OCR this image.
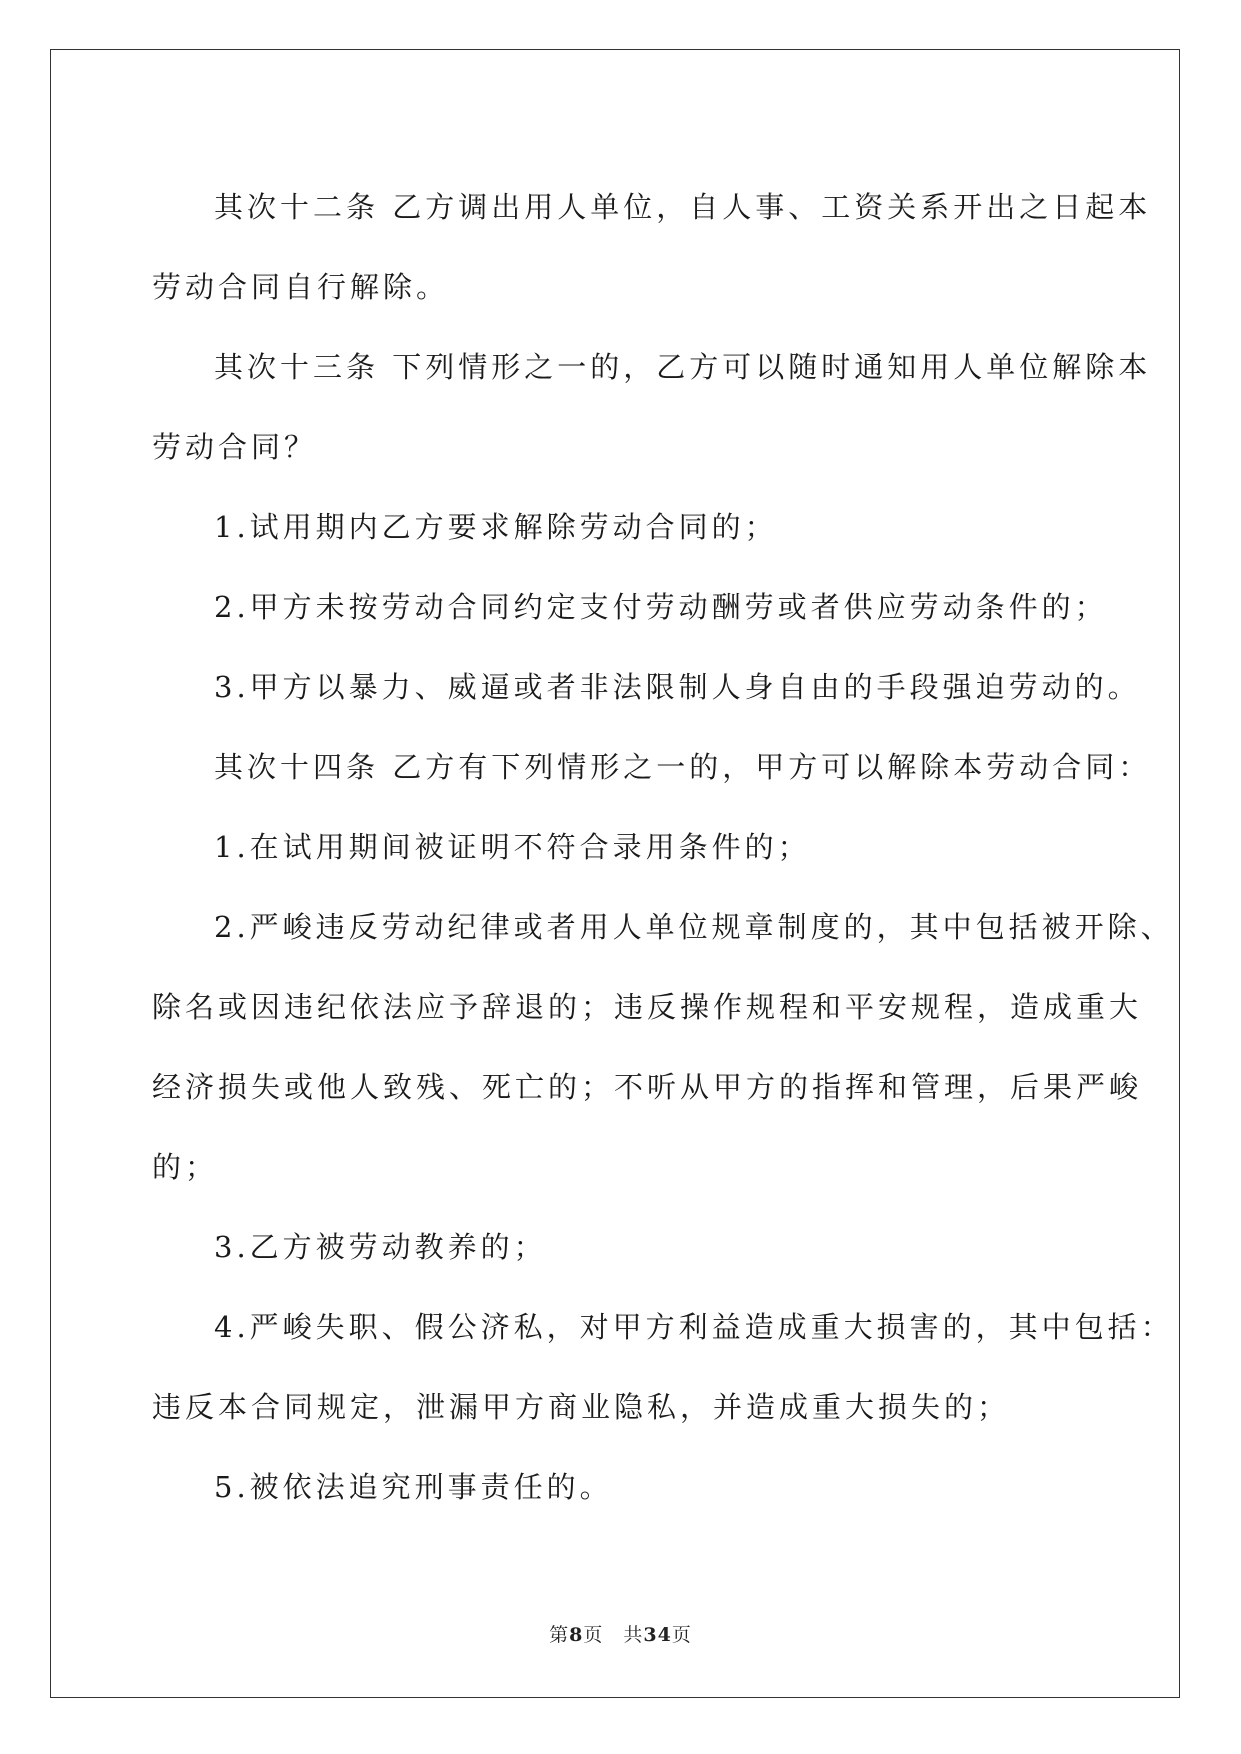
其次十二条 乙方调出用人单位，自人事、工资关系开出之日起本
劳动合同自行解除。

其次十三条 下列情形之一的，乙方可以随时通知用人单位解除本
劳动合同？

1.试用期内乙方要求解除劳动合同的；

2.甲方未按劳动合同约定支付劳动酬劳或者供应劳动条件的；

3.甲方以暴力、威逼或者非法限制人身自由的手段强迫劳动的。

其次十四条 乙方有下列情形之一的，甲方可以解除本劳动合同：

1.在试用期间被证明不符合录用条件的；

2.严峻违反劳动纪律或者用人单位规章制度的，其中包括被开除、
除名或因违纪依法应予辞退的；违反操作规程和平安规程，造成重大
经济损失或他人致残、死亡的；不听从甲方的指挥和管理，后果严峻
的；

3.乙方被劳动教养的；

4.严峻失职、假公济私，对甲方利益造成重大损害的，其中包括：
违反本合同规定，泄漏甲方商业隐私，并造成重大损失的；

5.被依法追究刑事责任的。

第8页 共34页
